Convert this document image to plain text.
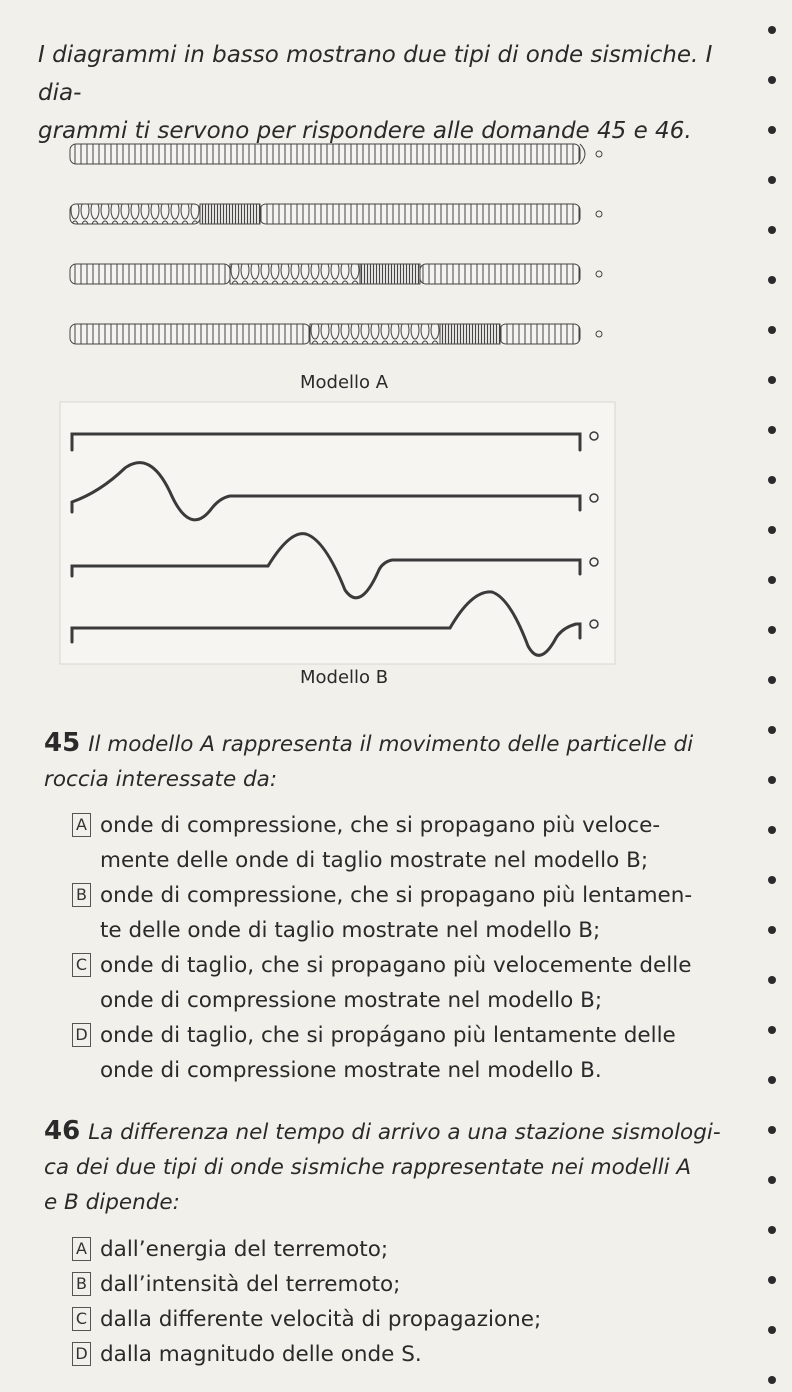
I diagrammi in basso mostrano due tipi di onde sismiche. I dia-
grammi ti servono per rispondere alle domande 45 e 46.
Modello A
Modello B
45 Il modello A rappresenta il movimento delle particelle di
roccia interessate da:
A onde di compressione, che si propagano più veloce-
mente delle onde di taglio mostrate nel modello B;
B onde di compressione, che si propagano più lentamen-
te delle onde di taglio mostrate nel modello B;
C onde di taglio, che si propagano più velocemente delle
onde di compressione mostrate nel modello B;
D onde di taglio, che si propágano più lentamente delle
onde di compressione mostrate nel modello B.
46 La differenza nel tempo di arrivo a una stazione sismologi-
ca dei due tipi di onde sismiche rappresentate nei modelli A
e B dipende:
A dall’energia del terremoto;
B dall’intensità del terremoto;
C dalla differente velocità di propagazione;
D dalla magnitudo delle onde S.
